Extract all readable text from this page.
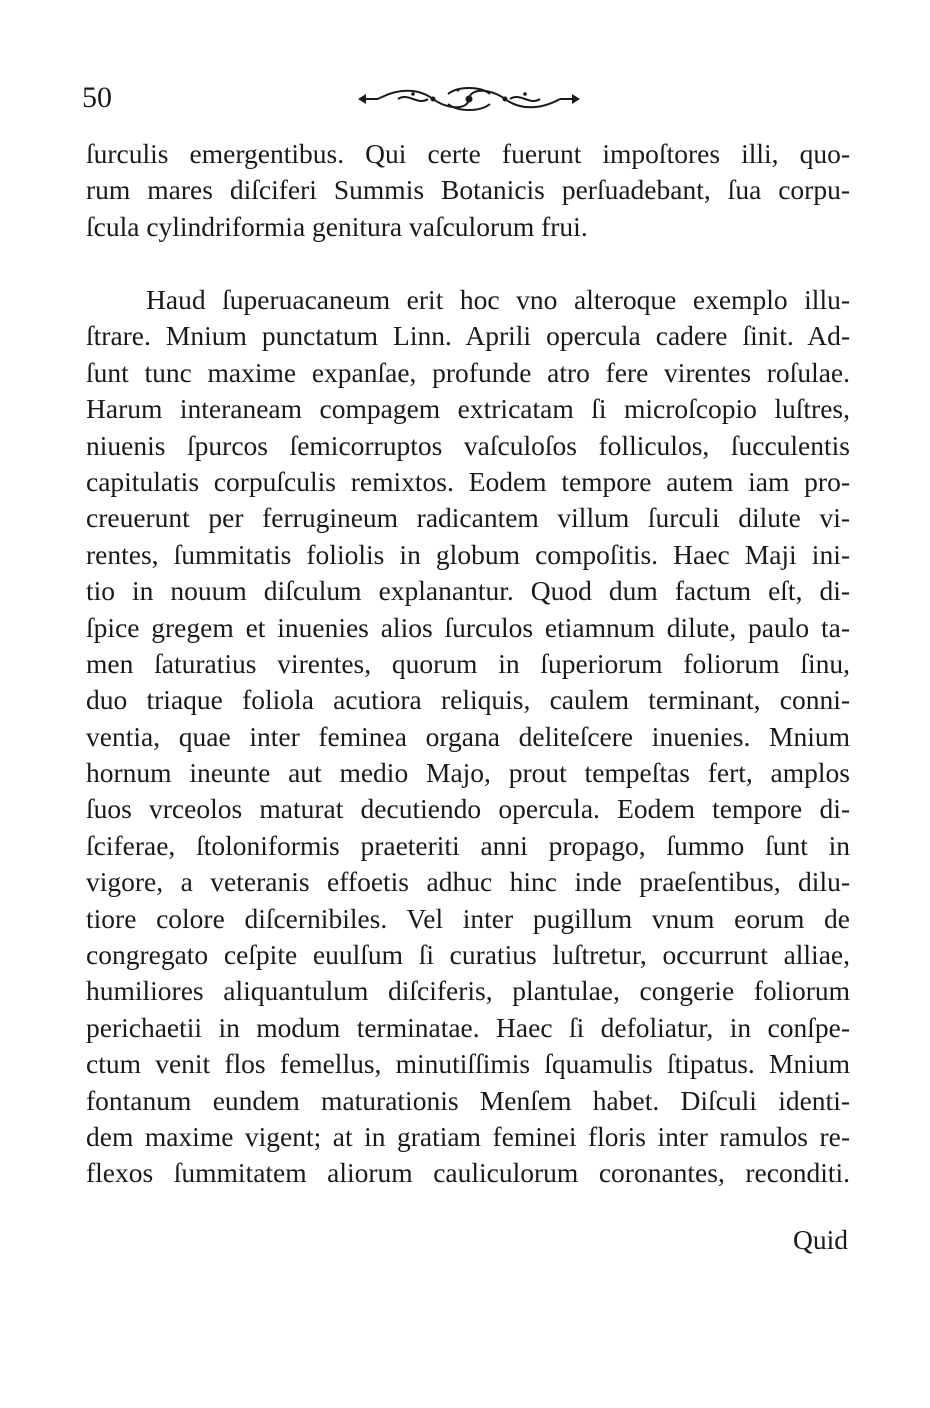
50
ſurculis emergentibus. Qui certe fuerunt impoſtores illi, quo-
rum mares diſciferi Summis Botanicis perſuadebant, ſua corpu-
ſcula cylindriformia genitura vaſculorum frui.
Haud ſuperuacaneum erit hoc vno alteroque exemplo illu-
ſtrare. Mnium punctatum Linn. Aprili opercula cadere ſinit. Ad-
ſunt tunc maxime expanſae, profunde atro fere virentes roſulae.
Harum interaneam compagem extricatam ſi microſcopio luſtres,
niuenis ſpurcos ſemicorruptos vaſculoſos folliculos, ſucculentis
capitulatis corpuſculis remixtos. Eodem tempore autem iam pro-
creuerunt per ferrugineum radicantem villum ſurculi dilute vi-
rentes, ſummitatis foliolis in globum compoſitis. Haec Maji ini-
tio in nouum diſculum explanantur. Quod dum factum eſt, di-
ſpice gregem et inuenies alios ſurculos etiamnum dilute, paulo ta-
men ſaturatius virentes, quorum in ſuperiorum foliorum ſinu,
duo triaque foliola acutiora reliquis, caulem terminant, conni-
ventia, quae inter feminea organa deliteſcere inuenies. Mnium
hornum ineunte aut medio Majo, prout tempeſtas fert, amplos
ſuos vrceolos maturat decutiendo opercula. Eodem tempore di-
ſciferae, ſtoloniformis praeteriti anni propago, ſummo ſunt in
vigore, a veteranis effoetis adhuc hinc inde praeſentibus, dilu-
tiore colore diſcernibiles. Vel inter pugillum vnum eorum de
congregato ceſpite euulſum ſi curatius luſtretur, occurrunt alliae,
humiliores aliquantulum diſciferis, plantulae, congerie foliorum
perichaetii in modum terminatae. Haec ſi defoliatur, in conſpe-
ctum venit flos femellus, minutiſſimis ſquamulis ſtipatus. Mnium
fontanum eundem maturationis Menſem habet. Diſculi identi-
dem maxime vigent; at in gratiam feminei floris inter ramulos re-
flexos ſummitatem aliorum cauliculorum coronantes, reconditi.
Quid
